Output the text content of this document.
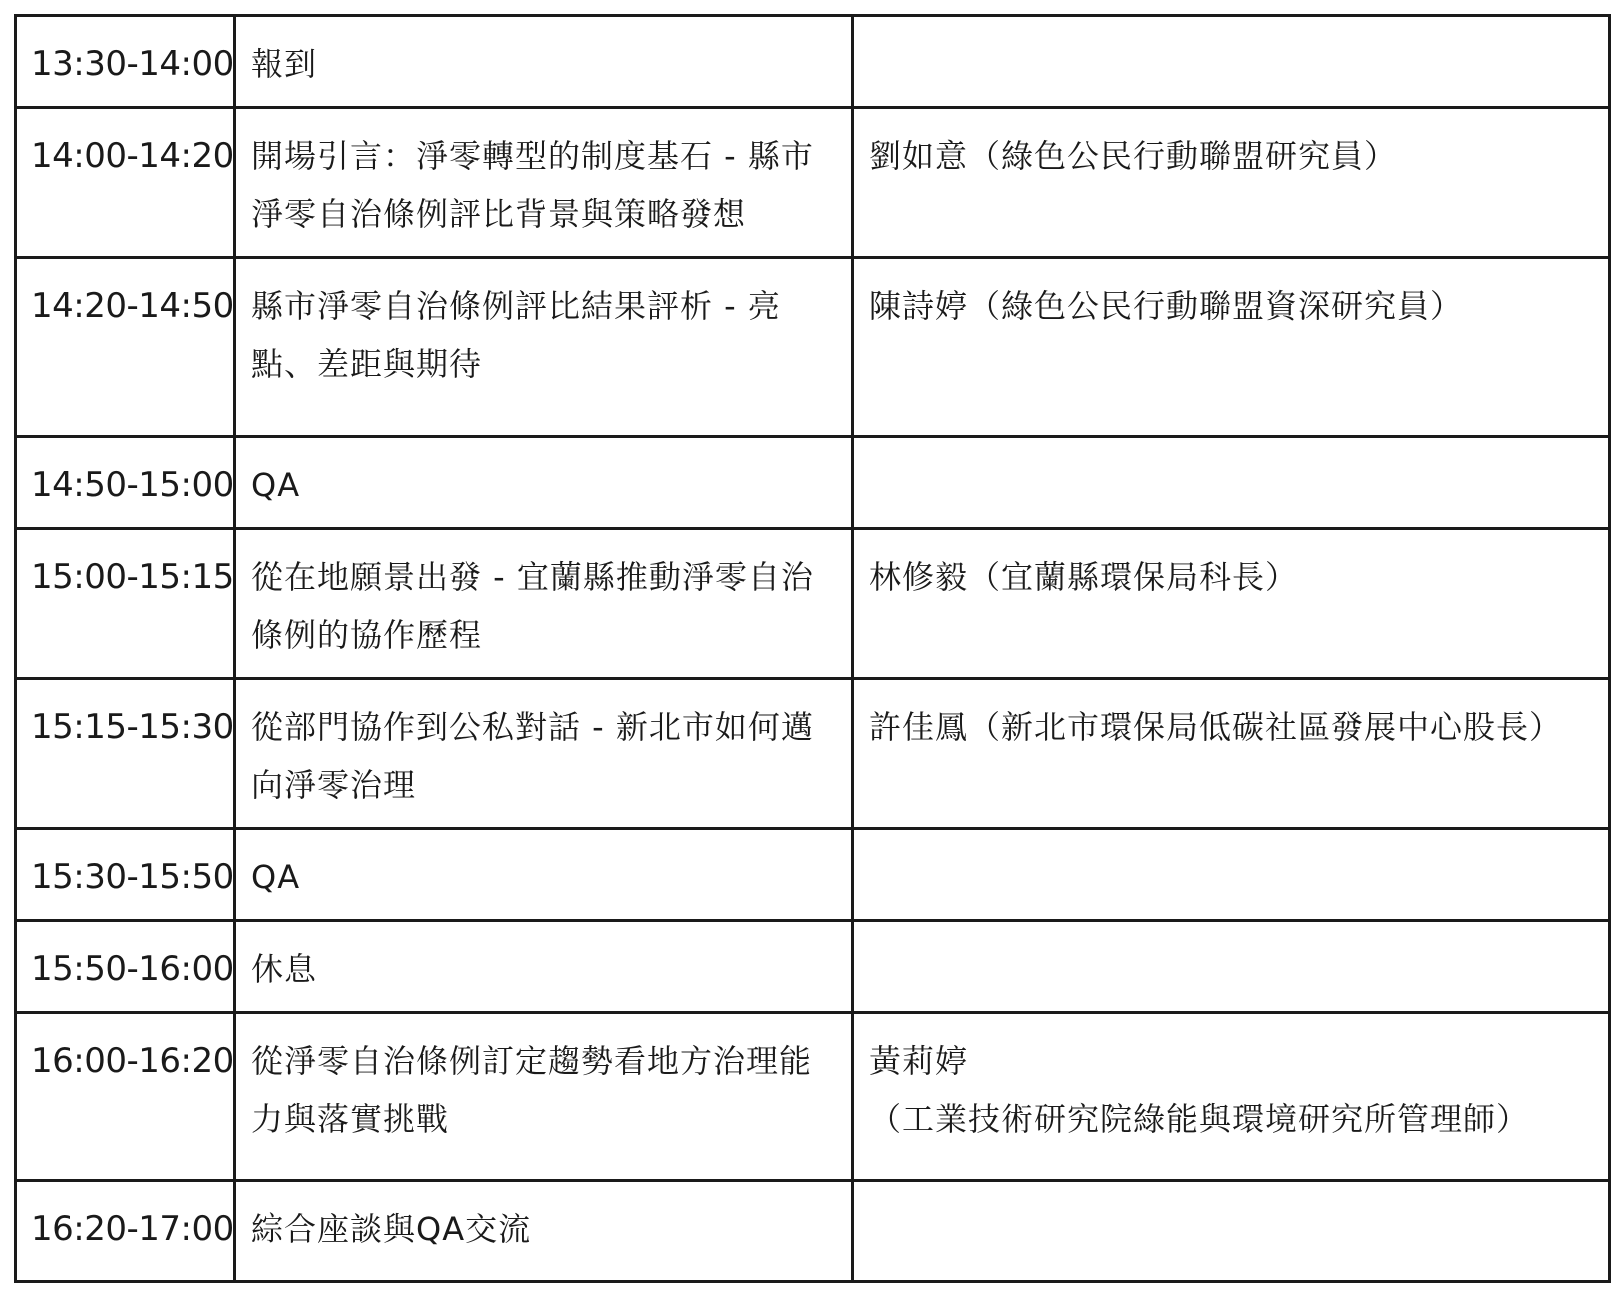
13:30-14:00	報到	

14:00-14:20	開場引言：淨零轉型的制度基石 - 縣市淨零自治條例評比背景與策略發想	劉如意（綠色公民行動聯盟研究員）

14:20-14:50	縣市淨零自治條例評比結果評析 - 亮點、差距與期待	陳詩婷（綠色公民行動聯盟資深研究員）

14:50-15:00	QA	

15:00-15:15	從在地願景出發 - 宜蘭縣推動淨零自治條例的協作歷程	林修毅（宜蘭縣環保局科長）

15:15-15:30	從部門協作到公私對話 - 新北市如何邁向淨零治理	許佳鳳（新北市環保局低碳社區發展中心股長）

15:30-15:50	QA	

15:50-16:00	休息	

16:00-16:20	從淨零自治條例訂定趨勢看地方治理能力與落實挑戰	黃莉婷
（工業技術研究院綠能與環境研究所管理師）

16:20-17:00	綜合座談與QA交流	
